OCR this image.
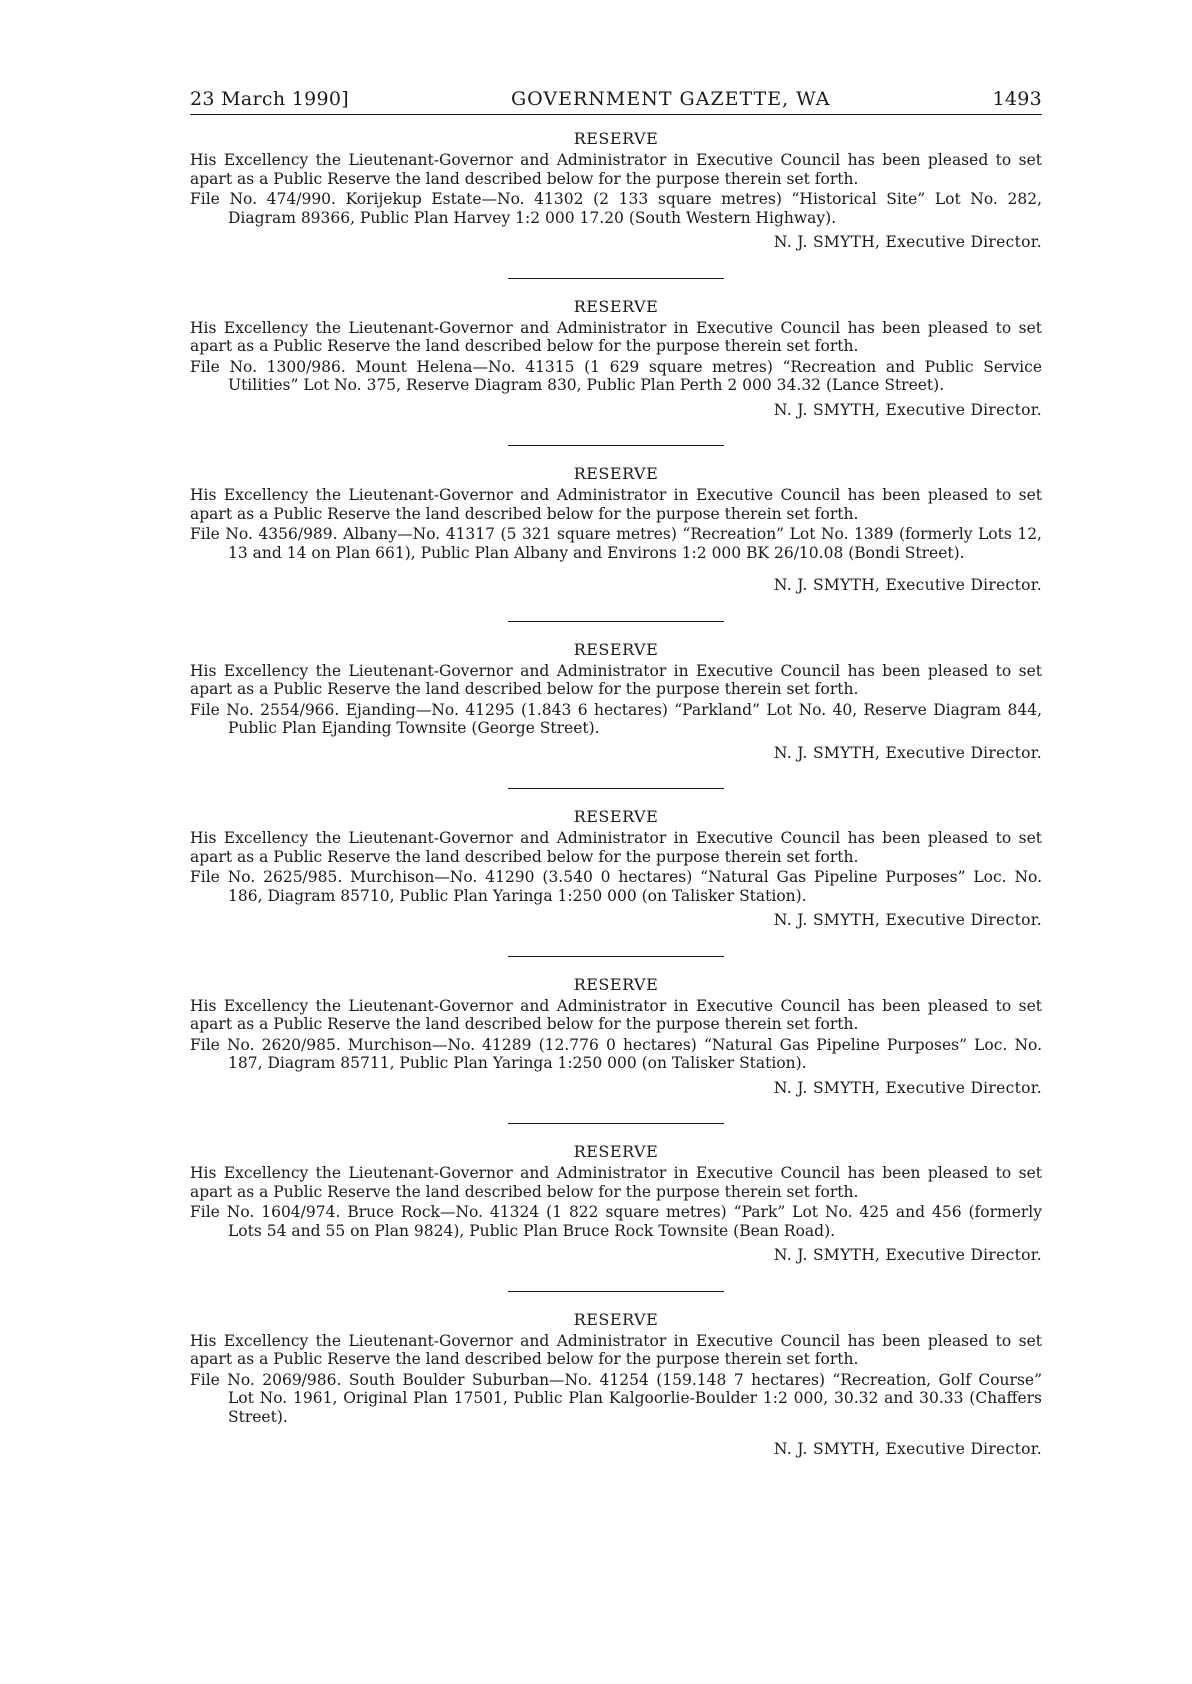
23 March 1990]	GOVERNMENT GAZETTE, WA	1493
RESERVE

His Excellency the Lieutenant-Governor and Administrator in Executive Council has been pleased to set apart as a Public Reserve the land described below for the purpose therein set forth.

File No. 474/990. Korijekup Estate—No. 41302 (2 133 square metres) “Historical Site” Lot No. 282, Diagram 89366, Public Plan Harvey 1:2 000 17.20 (South Western Highway).

N. J. SMYTH, Executive Director.
RESERVE

His Excellency the Lieutenant-Governor and Administrator in Executive Council has been pleased to set apart as a Public Reserve the land described below for the purpose therein set forth.

File No. 1300/986. Mount Helena—No. 41315 (1 629 square metres) “Recreation and Public Service Utilities” Lot No. 375, Reserve Diagram 830, Public Plan Perth 2 000 34.32 (Lance Street).

N. J. SMYTH, Executive Director.
RESERVE

His Excellency the Lieutenant-Governor and Administrator in Executive Council has been pleased to set apart as a Public Reserve the land described below for the purpose therein set forth.

File No. 4356/989. Albany—No. 41317 (5 321 square metres) “Recreation” Lot No. 1389 (formerly Lots 12, 13 and 14 on Plan 661), Public Plan Albany and Environs 1:2 000 BK 26/10.08 (Bondi Street).

N. J. SMYTH, Executive Director.
RESERVE

His Excellency the Lieutenant-Governor and Administrator in Executive Council has been pleased to set apart as a Public Reserve the land described below for the purpose therein set forth.

File No. 2554/966. Ejanding—No. 41295 (1.843 6 hectares) “Parkland” Lot No. 40, Reserve Diagram 844, Public Plan Ejanding Townsite (George Street).

N. J. SMYTH, Executive Director.
RESERVE

His Excellency the Lieutenant-Governor and Administrator in Executive Council has been pleased to set apart as a Public Reserve the land described below for the purpose therein set forth.

File No. 2625/985. Murchison—No. 41290 (3.540 0 hectares) “Natural Gas Pipeline Purposes” Loc. No. 186, Diagram 85710, Public Plan Yaringa 1:250 000 (on Talisker Station).

N. J. SMYTH, Executive Director.
RESERVE

His Excellency the Lieutenant-Governor and Administrator in Executive Council has been pleased to set apart as a Public Reserve the land described below for the purpose therein set forth.

File No. 2620/985. Murchison—No. 41289 (12.776 0 hectares) “Natural Gas Pipeline Purposes” Loc. No. 187, Diagram 85711, Public Plan Yaringa 1:250 000 (on Talisker Station).

N. J. SMYTH, Executive Director.
RESERVE

His Excellency the Lieutenant-Governor and Administrator in Executive Council has been pleased to set apart as a Public Reserve the land described below for the purpose therein set forth.

File No. 1604/974. Bruce Rock—No. 41324 (1 822 square metres) “Park” Lot No. 425 and 456 (formerly Lots 54 and 55 on Plan 9824), Public Plan Bruce Rock Townsite (Bean Road).

N. J. SMYTH, Executive Director.
RESERVE

His Excellency the Lieutenant-Governor and Administrator in Executive Council has been pleased to set apart as a Public Reserve the land described below for the purpose therein set forth.

File No. 2069/986. South Boulder Suburban—No. 41254 (159.148 7 hectares) “Recreation, Golf Course” Lot No. 1961, Original Plan 17501, Public Plan Kalgoorlie-Boulder 1:2 000, 30.32 and 30.33 (Chaffers Street).

N. J. SMYTH, Executive Director.
